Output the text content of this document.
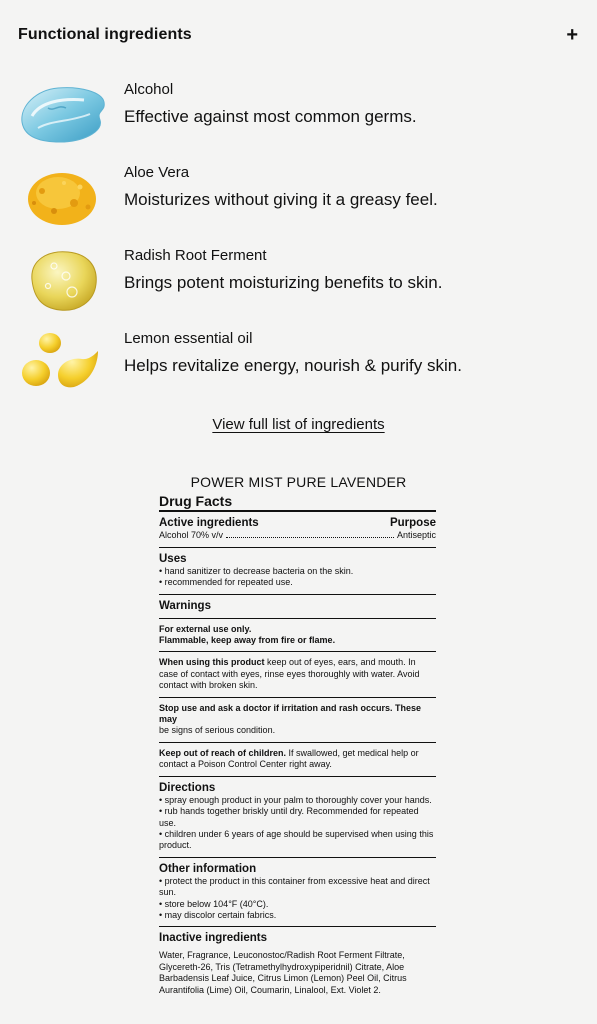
Functional ingredients	+
Alcohol
Effective against most common germs.
Aloe Vera
Moisturizes without giving it a greasy feel.
Radish Root Ferment
Brings potent moisturizing benefits to skin.
Lemon essential oil
Helps revitalize energy, nourish & purify skin.
View full list of ingredients
POWER MIST PURE LAVENDER
Drug Facts
Active ingredients	Purpose
Alcohol 70% v/v	Antiseptic
Uses

• hand sanitizer to decrease bacteria on the skin.

• recommended for repeated use.

Warnings

For external use only.

Flammable, keep away from fire or flame.

When using this product keep out of eyes, ears, and mouth. In case of contact with eyes, rinse eyes thoroughly with water. Avoid contact with broken skin.

Stop use and ask a doctor if irritation and rash occurs. These may

be signs of serious condition.

Keep out of reach of children. If swallowed, get medical help or contact a Poison Control Center right away.

Directions

• spray enough product in your palm to thoroughly cover your hands.

• rub hands together briskly until dry. Recommended for repeated use.

• children under 6 years of age should be supervised when using this product.

Other information

• protect the product in this container from excessive heat and direct sun.

• store below 104°F (40°C).

• may discolor certain fabrics.

Inactive ingredients

Water, Fragrance, Leuconostoc/Radish Root Ferment Filtrate, Glycereth-26, Tris (Tetramethylhydroxypiperidnil) Citrate, Aloe Barbadensis Leaf Juice, Citrus Limon (Lemon) Peel Oil, Citrus Aurantifolia (Lime) Oil, Coumarin, Linalool, Ext. Violet 2.
